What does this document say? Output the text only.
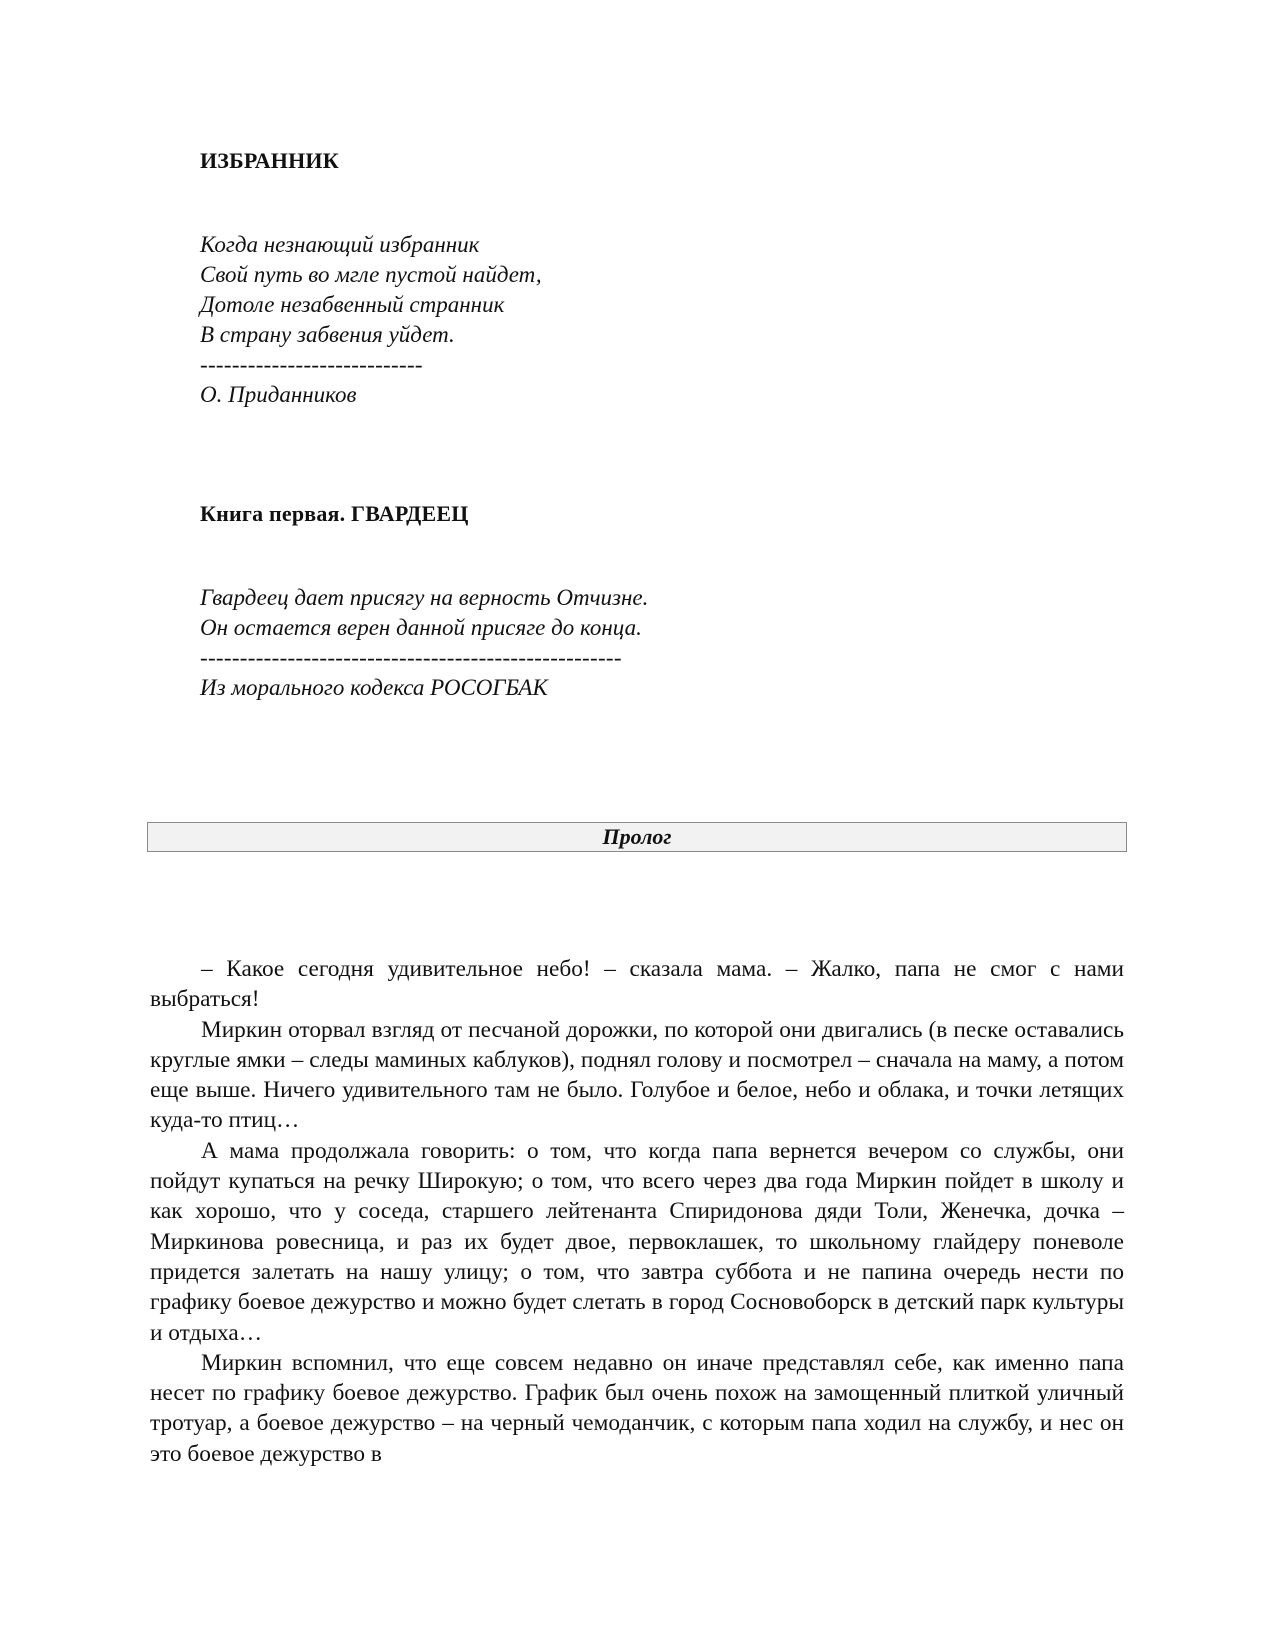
ИЗБРАННИК
Когда незнающий избранник
Свой путь во мгле пустой найдет,
Дотоле незабвенный странник
В страну забвения уйдет.
----------------------------
О. Приданников
Книга первая. ГВАРДЕЕЦ
Гвардеец дает присягу на верность Отчизне.
Он остается верен данной присяге до конца.
-----------------------------------------------------
Из морального кодекса РОСОГБАК
Пролог

– Какое сегодня удивительное небо! – сказала мама. – Жалко, папа не смог с нами выбраться!

Миркин оторвал взгляд от песчаной дорожки, по которой они двигались (в песке оставались круглые ямки – следы маминых каблуков), поднял голову и посмотрел – сначала на маму, а потом еще выше. Ничего удивительного там не было. Голубое и белое, небо и облака, и точки летящих куда-то птиц…

А мама продолжала говорить: о том, что когда папа вернется вечером со службы, они пойдут купаться на речку Широкую; о том, что всего через два года Миркин пойдет в школу и как хорошо, что у соседа, старшего лейтенанта Спиридонова дяди Толи, Женечка, дочка – Миркинова ровесница, и раз их будет двое, первоклашек, то школьному глайдеру поневоле придется залетать на нашу улицу; о том, что завтра суббота и не папина очередь нести по графику боевое дежурство и можно будет слетать в город Сосновоборск в детский парк культуры и отдыха…

Миркин вспомнил, что еще совсем недавно он иначе представлял себе, как именно папа несет по графику боевое дежурство. График был очень похож на замощенный плиткой уличный тротуар, а боевое дежурство – на черный чемоданчик, с которым папа ходил на службу, и нес он это боевое дежурство в
